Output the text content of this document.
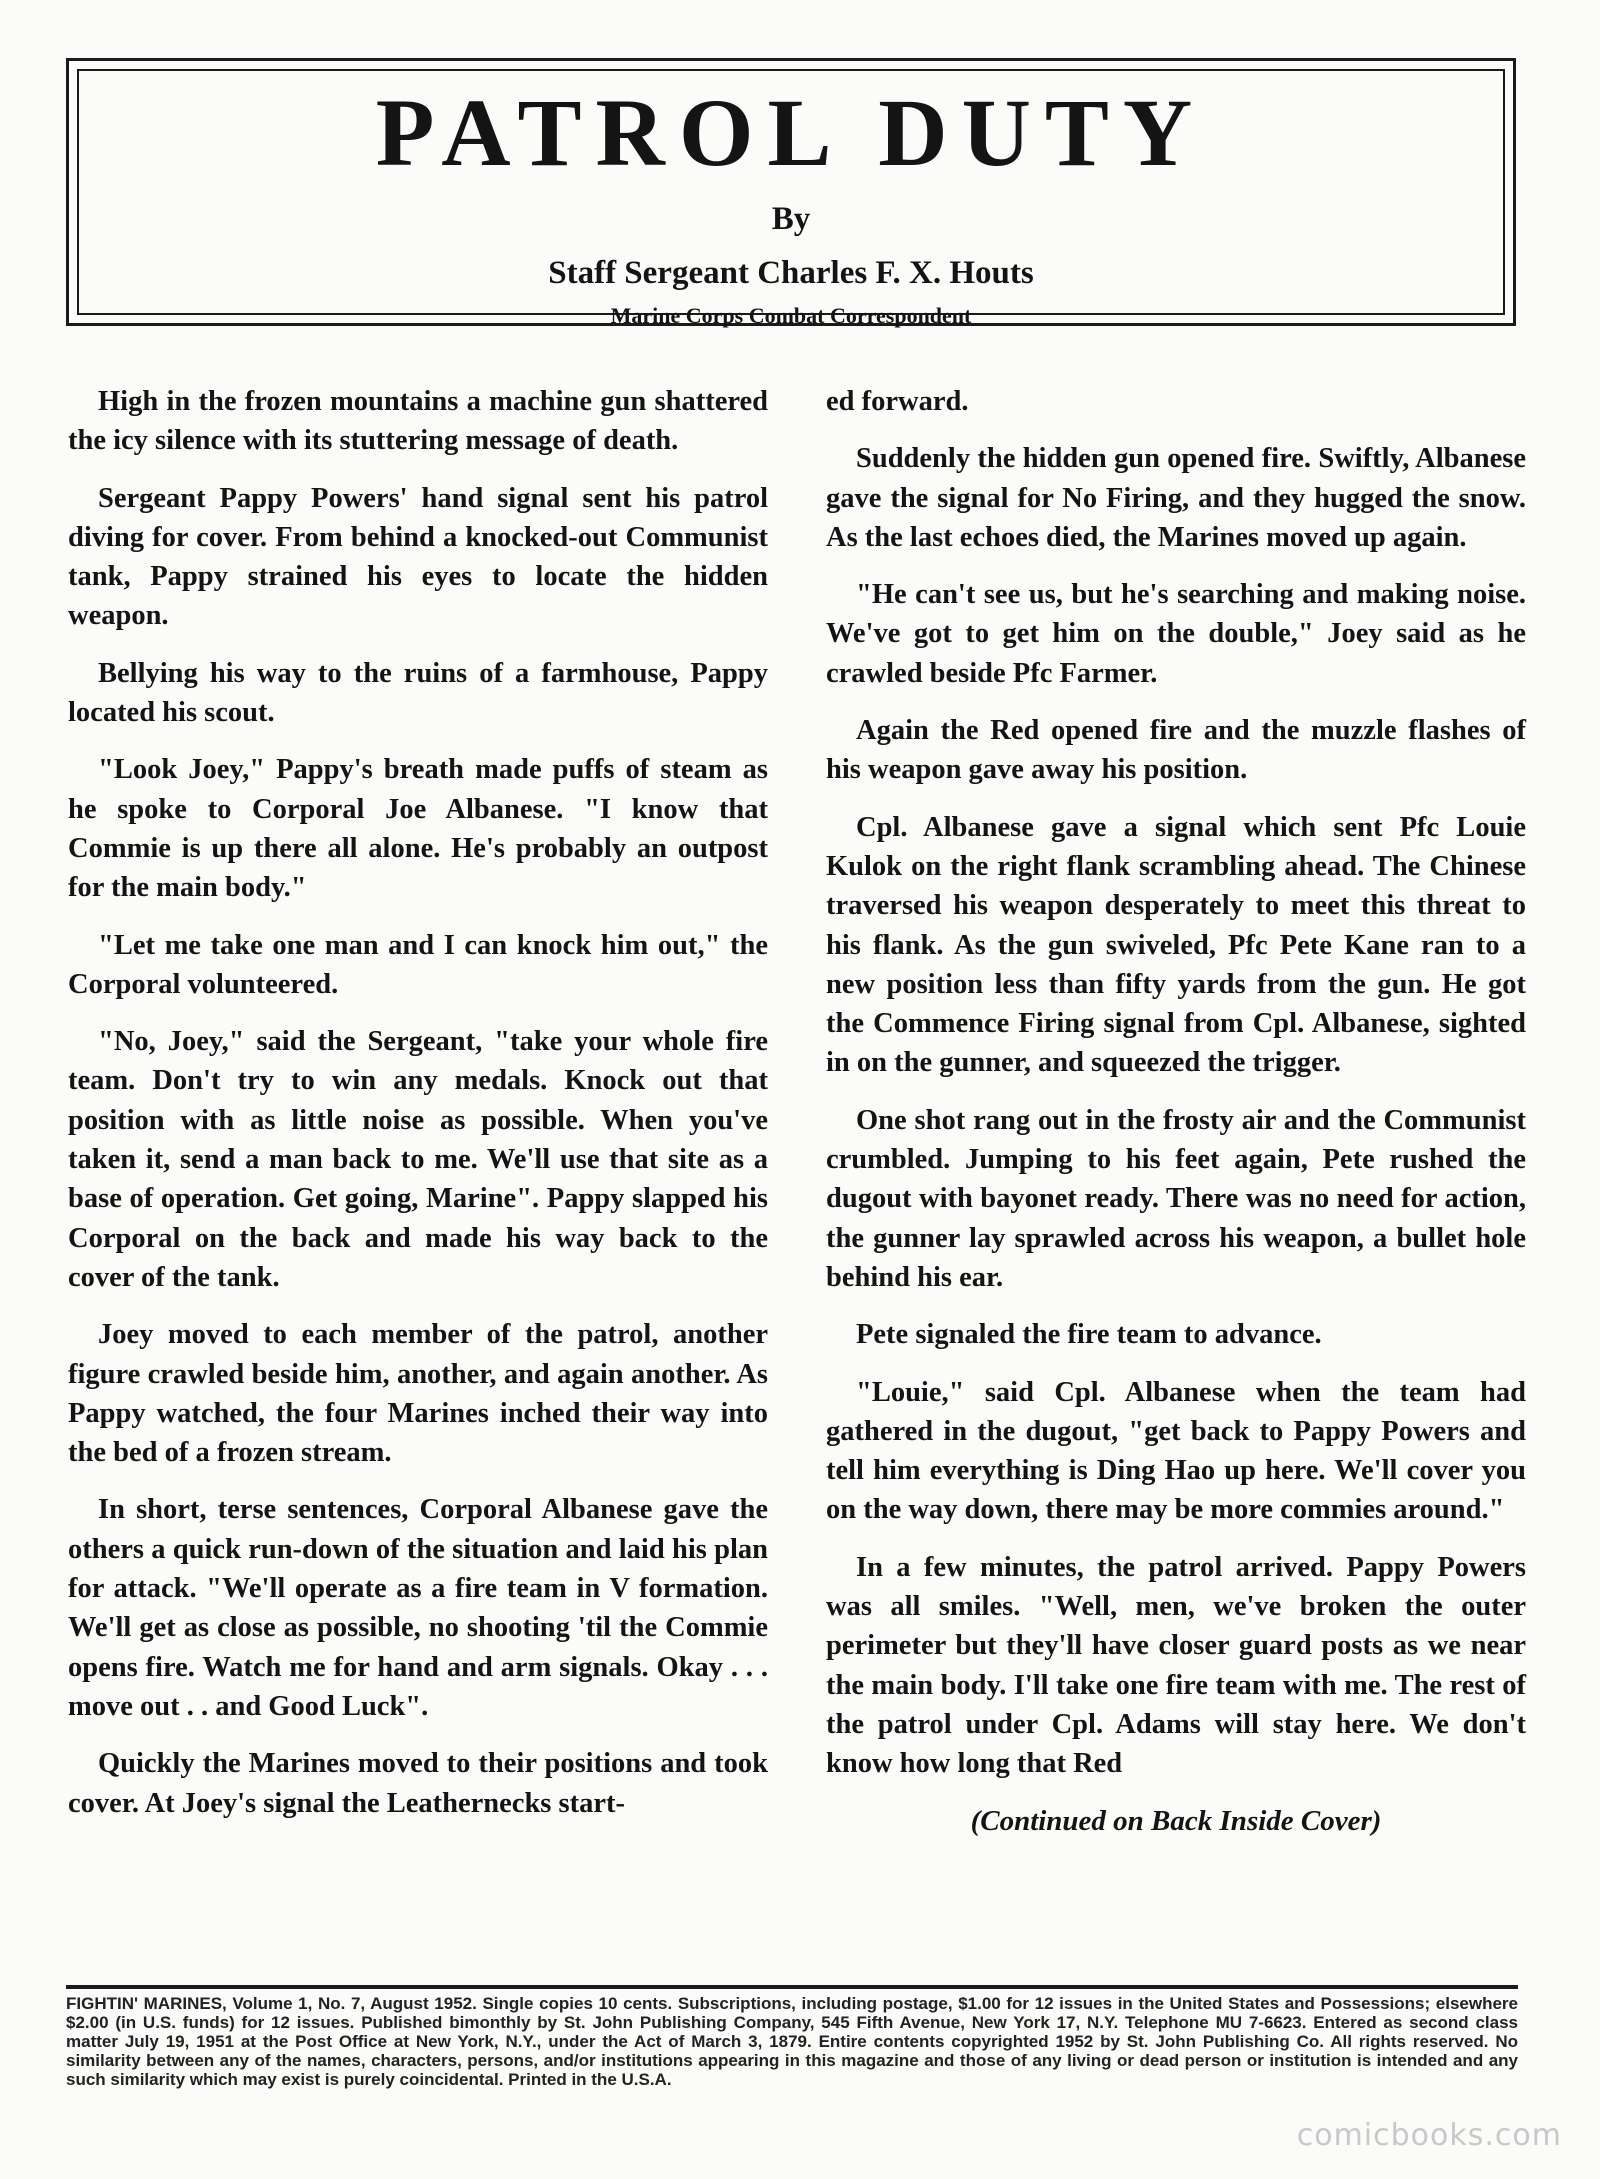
PATROL DUTY
By
Staff Sergeant Charles F. X. Houts
Marine Corps Combat Correspondent

High in the frozen mountains a machine gun shattered the icy silence with its stuttering message of death.

Sergeant Pappy Powers' hand signal sent his patrol diving for cover. From behind a knocked-out Communist tank, Pappy strained his eyes to locate the hidden weapon.

Bellying his way to the ruins of a farmhouse, Pappy located his scout.

"Look Joey," Pappy's breath made puffs of steam as he spoke to Corporal Joe Albanese. "I know that Commie is up there all alone. He's probably an outpost for the main body."

"Let me take one man and I can knock him out," the Corporal volunteered.

"No, Joey," said the Sergeant, "take your whole fire team. Don't try to win any medals. Knock out that position with as little noise as possible. When you've taken it, send a man back to me. We'll use that site as a base of operation. Get going, Marine". Pappy slapped his Corporal on the back and made his way back to the cover of the tank.

Joey moved to each member of the patrol, another figure crawled beside him, another, and again another. As Pappy watched, the four Marines inched their way into the bed of a frozen stream.

In short, terse sentences, Corporal Albanese gave the others a quick run-down of the situation and laid his plan for attack. "We'll operate as a fire team in V formation. We'll get as close as possible, no shooting 'til the Commie opens fire. Watch me for hand and arm signals. Okay . . . move out . . and Good Luck".

Quickly the Marines moved to their positions and took cover. At Joey's signal the Leathernecks start-

ed forward.

Suddenly the hidden gun opened fire. Swiftly, Albanese gave the signal for No Firing, and they hugged the snow. As the last echoes died, the Marines moved up again.

"He can't see us, but he's searching and making noise. We've got to get him on the double," Joey said as he crawled beside Pfc Farmer.

Again the Red opened fire and the muzzle flashes of his weapon gave away his position.

Cpl. Albanese gave a signal which sent Pfc Louie Kulok on the right flank scrambling ahead. The Chinese traversed his weapon desperately to meet this threat to his flank. As the gun swiveled, Pfc Pete Kane ran to a new position less than fifty yards from the gun. He got the Commence Firing signal from Cpl. Albanese, sighted in on the gunner, and squeezed the trigger.

One shot rang out in the frosty air and the Communist crumbled. Jumping to his feet again, Pete rushed the dugout with bayonet ready. There was no need for action, the gunner lay sprawled across his weapon, a bullet hole behind his ear.

Pete signaled the fire team to advance.

"Louie," said Cpl. Albanese when the team had gathered in the dugout, "get back to Pappy Powers and tell him everything is Ding Hao up here. We'll cover you on the way down, there may be more commies around."

In a few minutes, the patrol arrived. Pappy Powers was all smiles. "Well, men, we've broken the outer perimeter but they'll have closer guard posts as we near the main body. I'll take one fire team with me. The rest of the patrol under Cpl. Adams will stay here. We don't know how long that Red

(Continued on Back Inside Cover)
FIGHTIN' MARINES, Volume 1, No. 7, August 1952. Single copies 10 cents. Subscriptions, including postage, $1.00 for 12 issues in the United States and Possessions; elsewhere $2.00 (in U.S. funds) for 12 issues. Published bimonthly by St. John Publishing Company, 545 Fifth Avenue, New York 17, N.Y. Telephone MU 7-6623. Entered as second class matter July 19, 1951 at the Post Office at New York, N.Y., under the Act of March 3, 1879. Entire contents copyrighted 1952 by St. John Publishing Co. All rights reserved. No similarity between any of the names, characters, persons, and/or institutions appearing in this magazine and those of any living or dead person or institution is intended and any such similarity which may exist is purely coincidental. Printed in the U.S.A.
comicbooks.com
